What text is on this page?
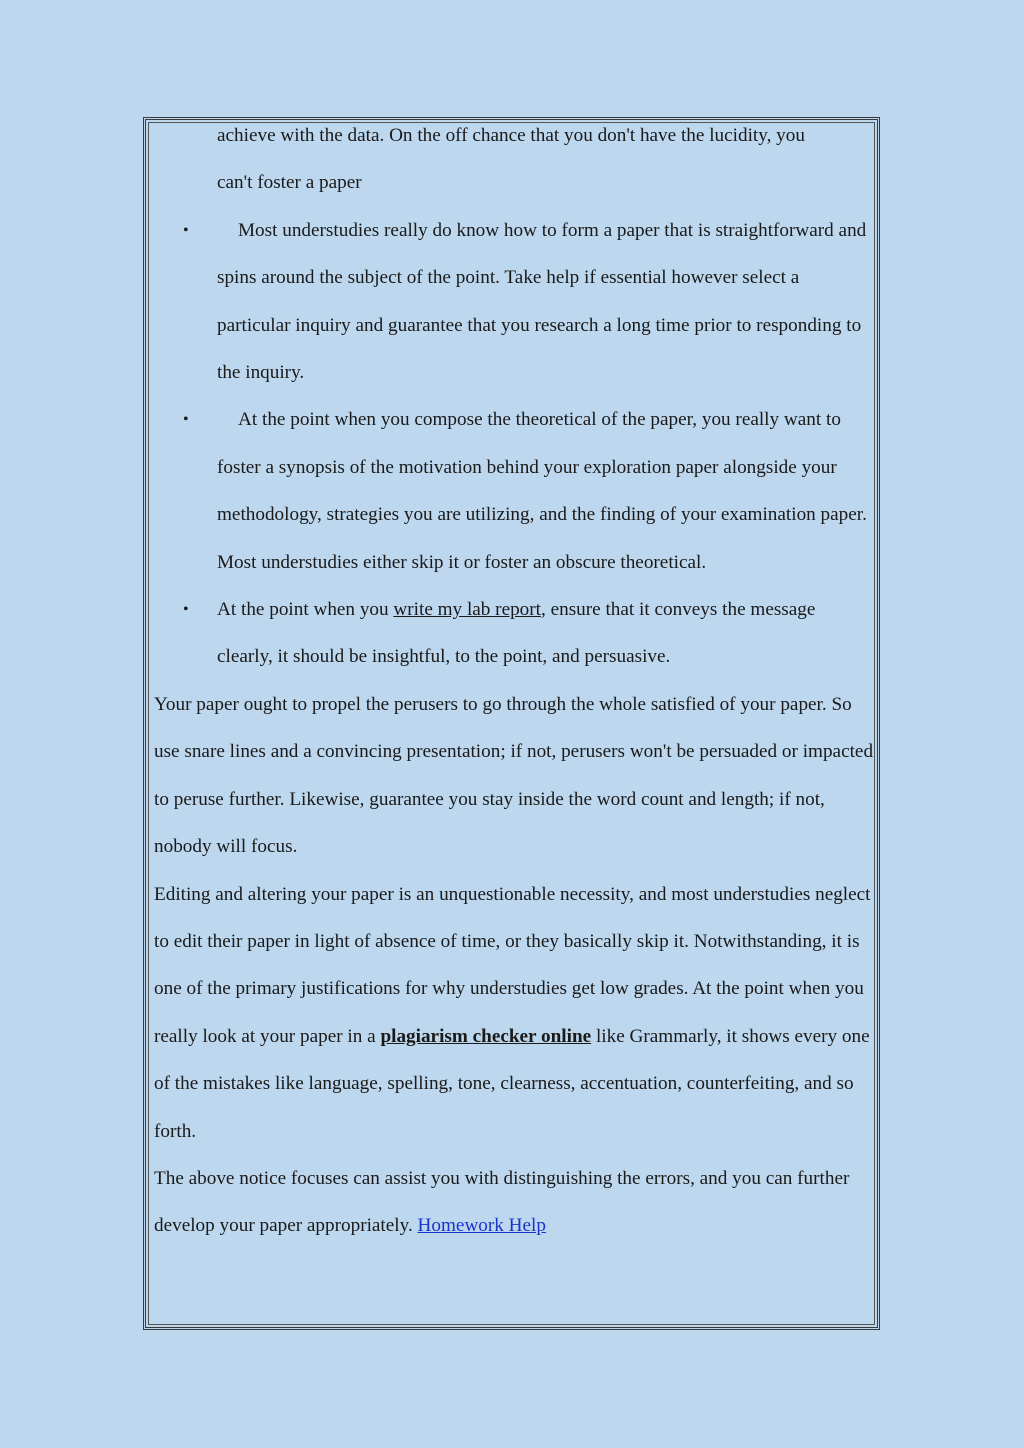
achieve with the data. On the off chance that you don't have the lucidity, you
can't foster a paper

•	Most understudies really do know how to form a paper that is straightforward and spins around the subject of the point. Take help if essential however select a particular inquiry and guarantee that you research a long time prior to responding to the inquiry.

•	At the point when you compose the theoretical of the paper, you really want to foster a synopsis of the motivation behind your exploration paper alongside your methodology, strategies you are utilizing, and the finding of your examination paper. Most understudies either skip it or foster an obscure theoretical.

• At the point when you write my lab report, ensure that it conveys the message clearly, it should be insightful, to the point, and persuasive.

Your paper ought to propel the perusers to go through the whole satisfied of your paper. So use snare lines and a convincing presentation; if not, perusers won't be persuaded or impacted to peruse further. Likewise, guarantee you stay inside the word count and length; if not, nobody will focus.

Editing and altering your paper is an unquestionable necessity, and most understudies neglect to edit their paper in light of absence of time, or they basically skip it. Notwithstanding, it is one of the primary justifications for why understudies get low grades. At the point when you really look at your paper in a plagiarism checker online like Grammarly, it shows every one of the mistakes like language, spelling, tone, clearness, accentuation, counterfeiting, and so forth.

The above notice focuses can assist you with distinguishing the errors, and you can further develop your paper appropriately. Homework Help
